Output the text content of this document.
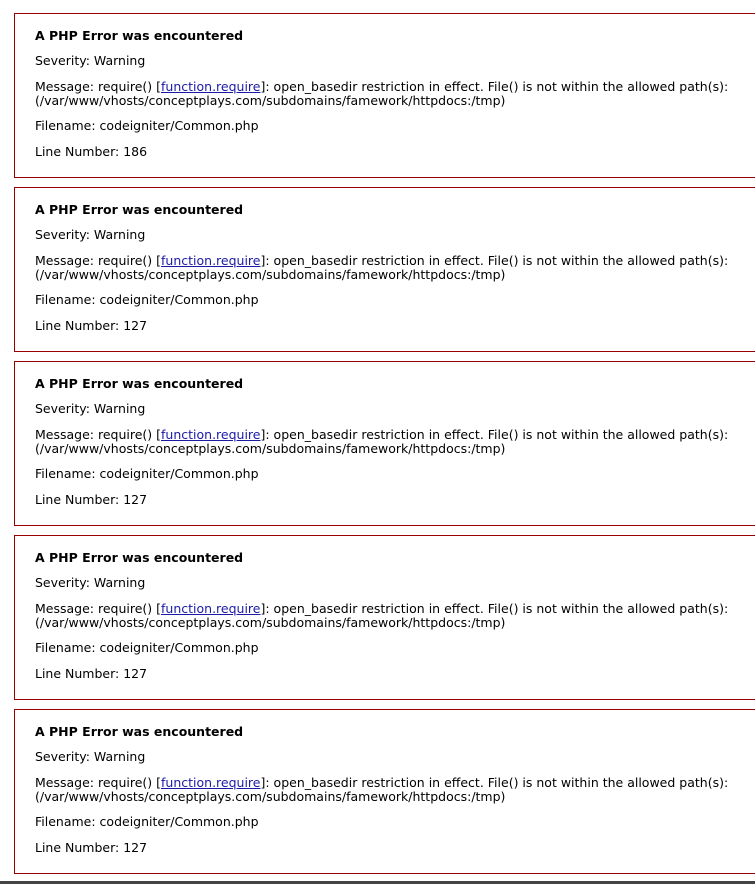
A PHP Error was encountered

Severity: Warning

Message: require() [function.require]: open_basedir restriction in effect. File() is not within the allowed path(s):
(/var/www/vhosts/conceptplays.com/subdomains/famework/httpdocs:/tmp)

Filename: codeigniter/Common.php

Line Number: 186

A PHP Error was encountered

Severity: Warning

Message: require() [function.require]: open_basedir restriction in effect. File() is not within the allowed path(s):
(/var/www/vhosts/conceptplays.com/subdomains/famework/httpdocs:/tmp)

Filename: codeigniter/Common.php

Line Number: 127

A PHP Error was encountered

Severity: Warning

Message: require() [function.require]: open_basedir restriction in effect. File() is not within the allowed path(s):
(/var/www/vhosts/conceptplays.com/subdomains/famework/httpdocs:/tmp)

Filename: codeigniter/Common.php

Line Number: 127

A PHP Error was encountered

Severity: Warning

Message: require() [function.require]: open_basedir restriction in effect. File() is not within the allowed path(s):
(/var/www/vhosts/conceptplays.com/subdomains/famework/httpdocs:/tmp)

Filename: codeigniter/Common.php

Line Number: 127

A PHP Error was encountered

Severity: Warning

Message: require() [function.require]: open_basedir restriction in effect. File() is not within the allowed path(s):
(/var/www/vhosts/conceptplays.com/subdomains/famework/httpdocs:/tmp)

Filename: codeigniter/Common.php

Line Number: 127
